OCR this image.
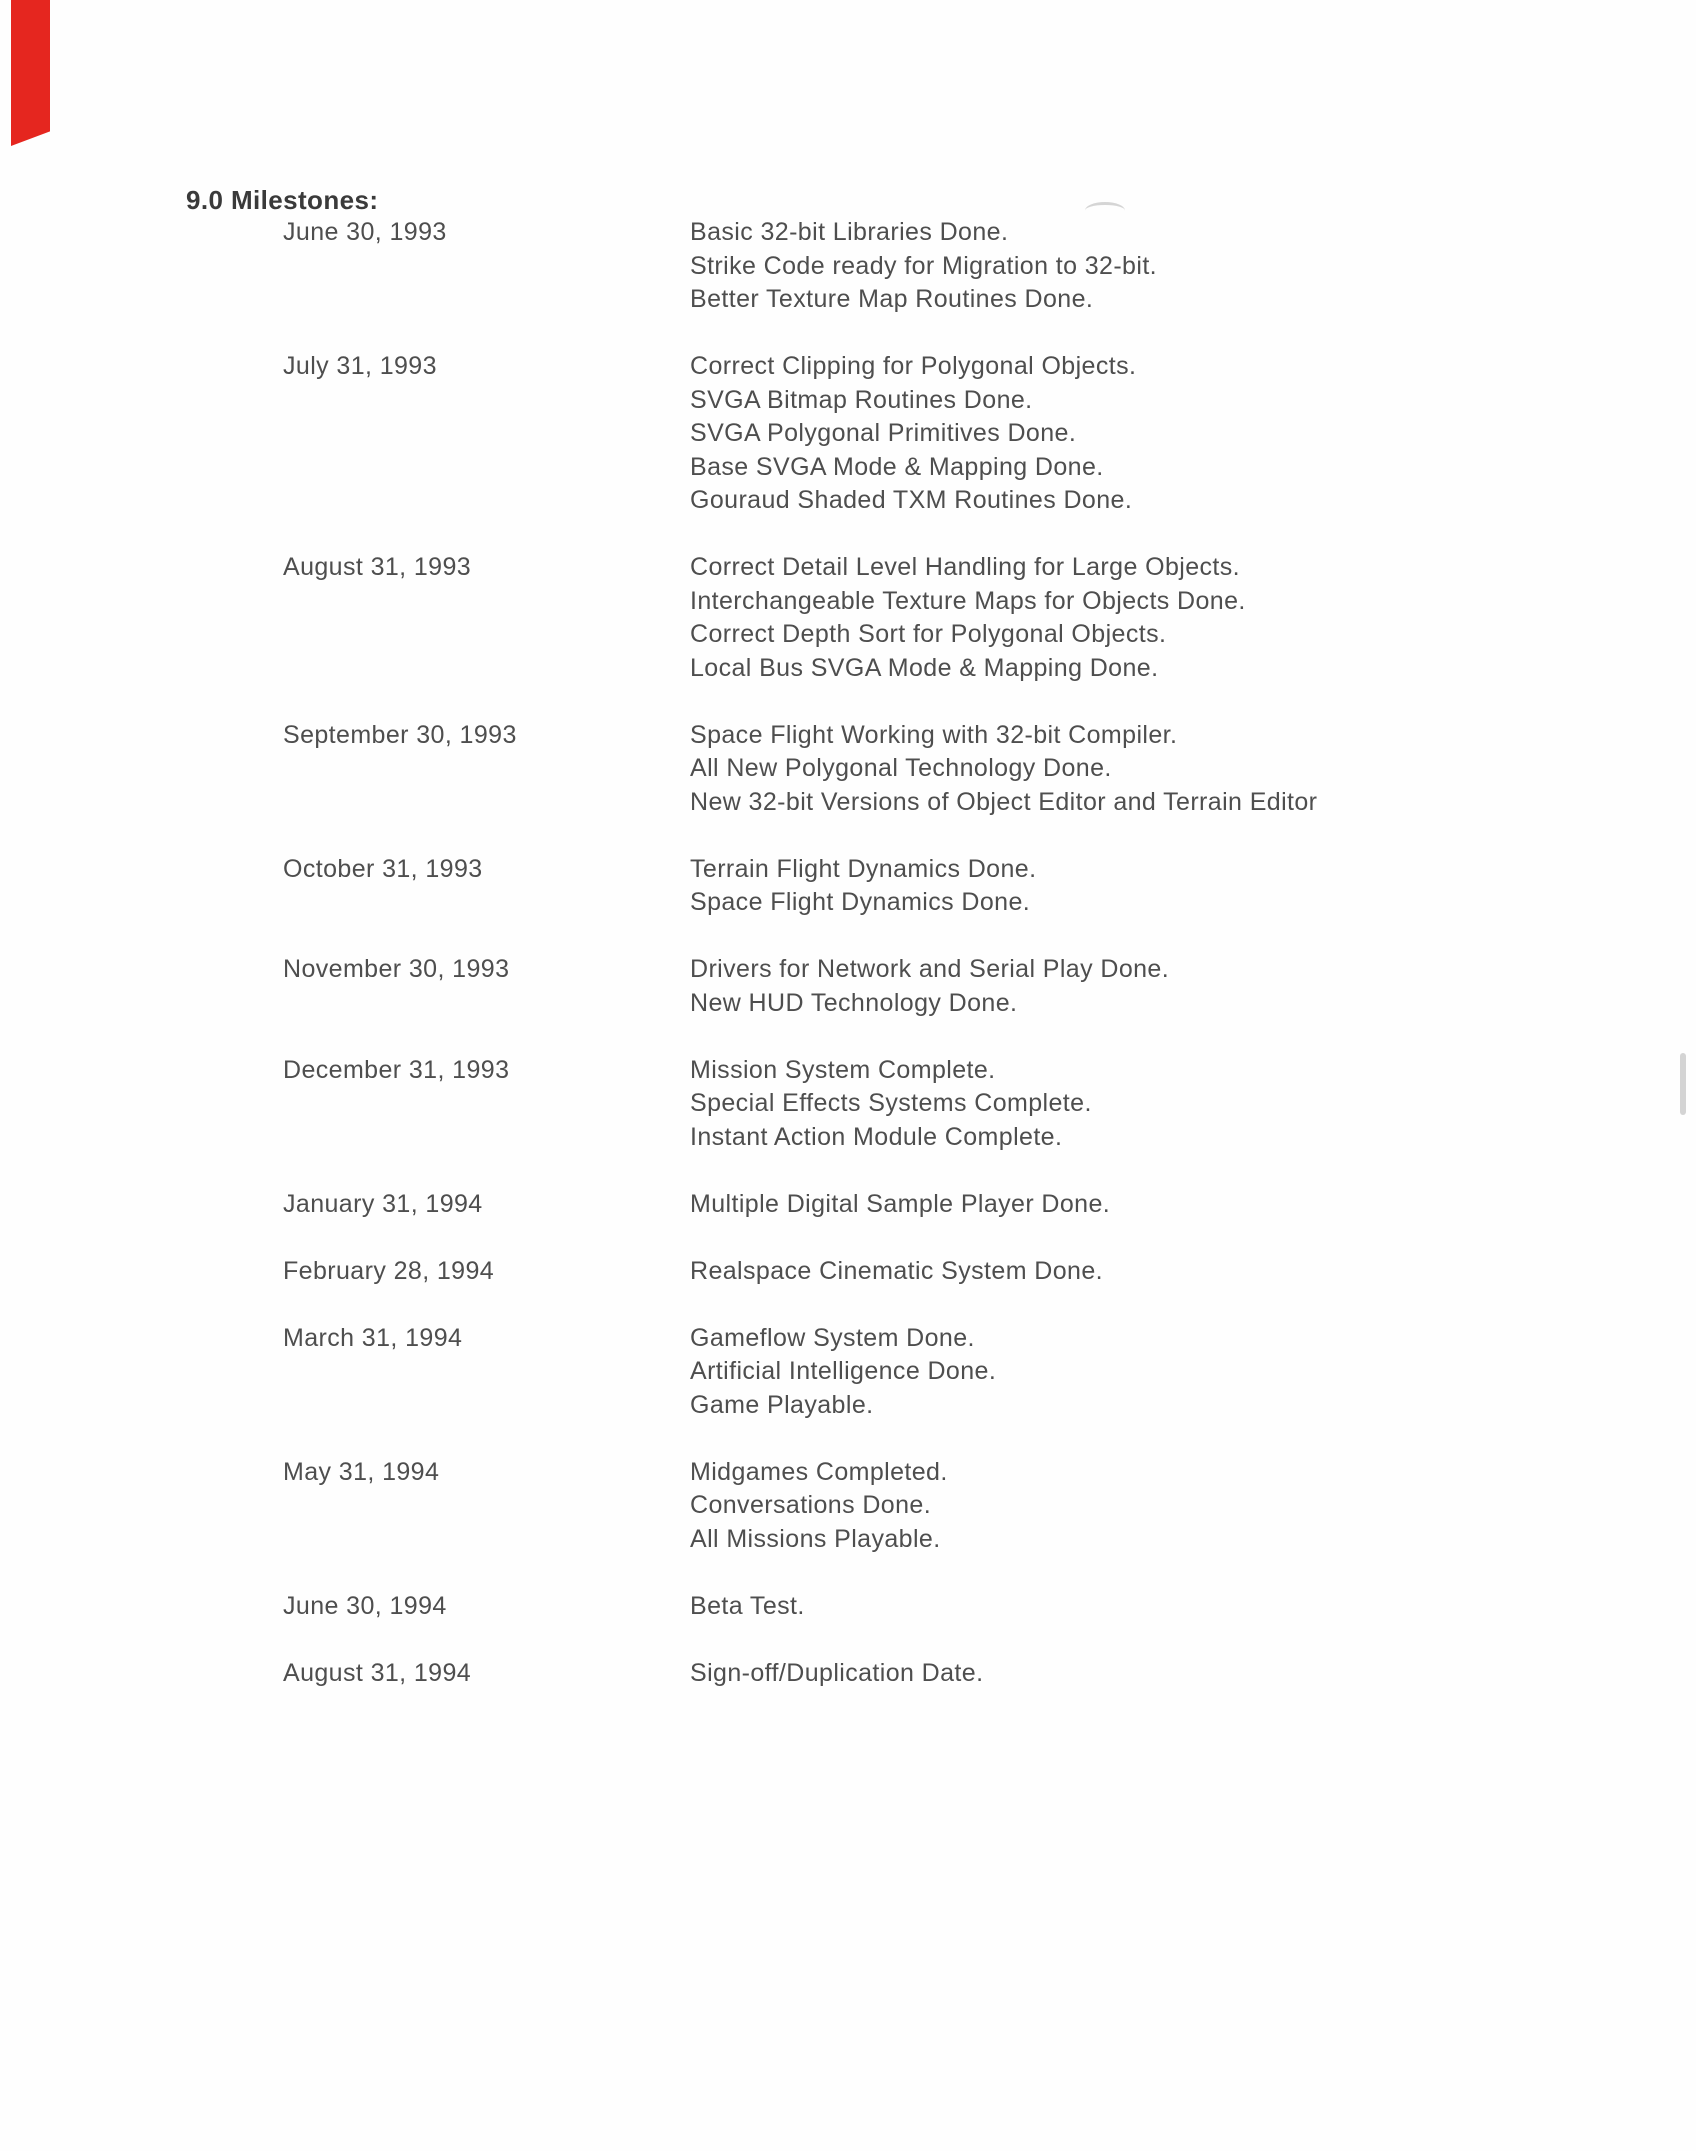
9.0 Milestones:
June 30, 1993	Basic 32-bit Libraries Done.
Strike Code ready for Migration to 32-bit.
Better Texture Map Routines Done.
July 31, 1993	Correct Clipping for Polygonal Objects.
SVGA Bitmap Routines Done.
SVGA Polygonal Primitives Done.
Base SVGA Mode & Mapping Done.
Gouraud Shaded TXM Routines Done.
August 31, 1993	Correct Detail Level Handling for Large Objects.
Interchangeable Texture Maps for Objects Done.
Correct Depth Sort for Polygonal Objects.
Local Bus SVGA Mode & Mapping Done.
September 30, 1993	Space Flight Working with 32-bit Compiler.
All New Polygonal Technology Done.
New 32-bit Versions of Object Editor and Terrain Editor
October 31, 1993	Terrain Flight Dynamics Done.
Space Flight Dynamics Done.
November 30, 1993	Drivers for Network and Serial Play Done.
New HUD Technology Done.
December 31, 1993	Mission System Complete.
Special Effects Systems Complete.
Instant Action Module Complete.
January 31, 1994	Multiple Digital Sample Player Done.
February 28, 1994	Realspace Cinematic System Done.
March 31, 1994	Gameflow System Done.
Artificial Intelligence Done.
Game Playable.
May 31, 1994	Midgames Completed.
Conversations Done.
All Missions Playable.
June 30, 1994	Beta Test.
August 31, 1994	Sign-off/Duplication Date.
